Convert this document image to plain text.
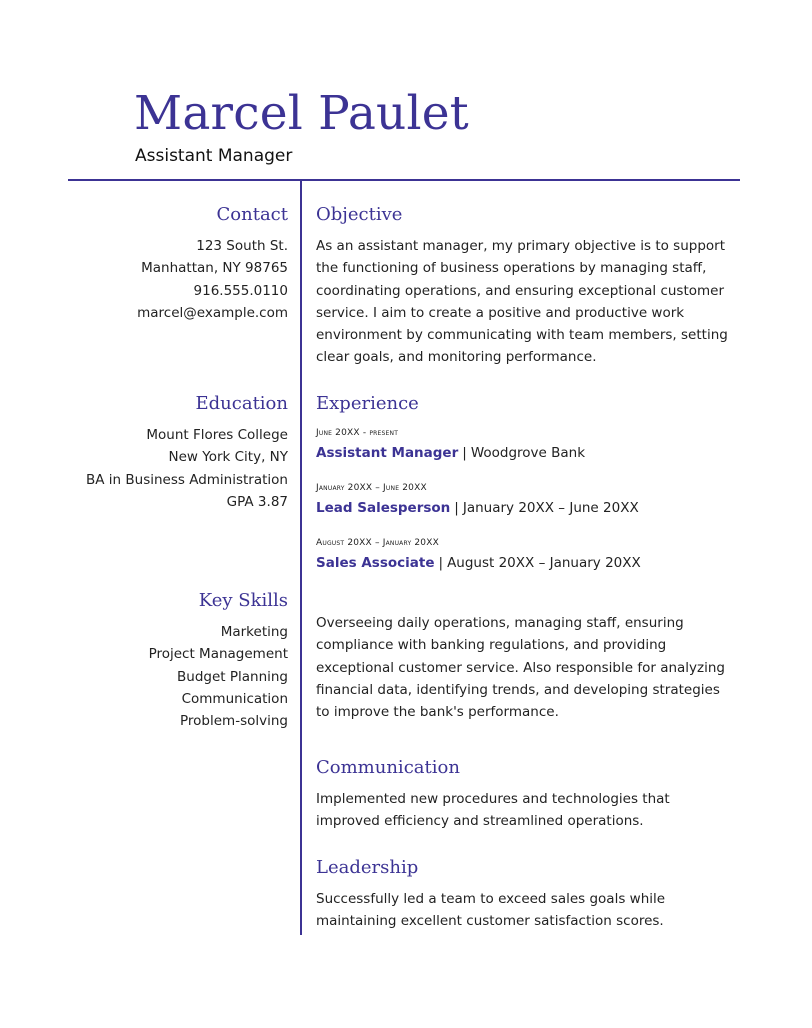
Marcel Paulet
Assistant Manager
Contact
123 South St.
Manhattan, NY 98765
916.555.0110
marcel@example.com
Education
Mount Flores College
New York City, NY
BA in Business Administration
GPA 3.87
Key Skills
Marketing
Project Management
Budget Planning
Communication
Problem-solving
Objective

As an assistant manager, my primary objective is to support the functioning of business operations by managing staff, coordinating operations, and ensuring exceptional customer service. I aim to create a positive and productive work environment by communicating with team members, setting clear goals, and monitoring performance.

Experience
June 20XX - present
Assistant Manager | Woodgrove Bank
January 20XX – June 20XX
Lead Salesperson | January 20XX – June 20XX
August 20XX – January 20XX
Sales Associate | August 20XX – January 20XX

Overseeing daily operations, managing staff, ensuring compliance with banking regulations, and providing exceptional customer service. Also responsible for analyzing financial data, identifying trends, and developing strategies to improve the bank's performance.

Communication

Implemented new procedures and technologies that improved efficiency and streamlined operations.

Leadership

Successfully led a team to exceed sales goals while maintaining excellent customer satisfaction scores.
